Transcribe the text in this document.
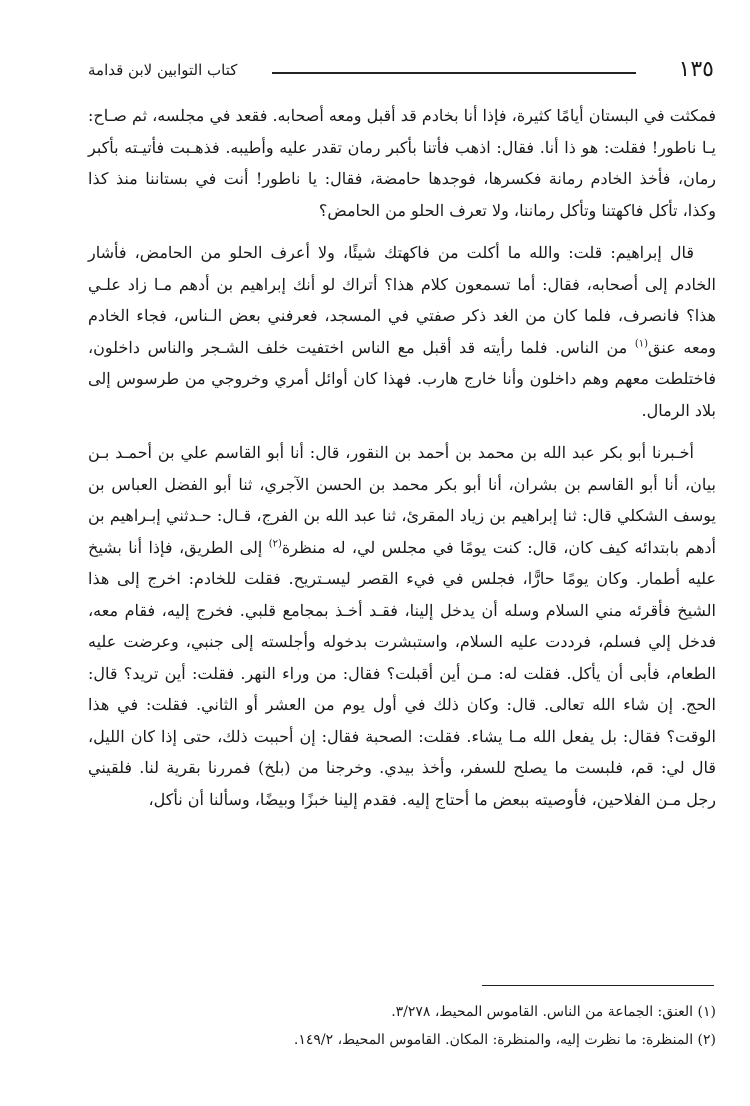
١٣٥
كتاب التوابين لابن قدامة

فمكثت في البستان أيامًا كثيرة، فإذا أنا بخادم قد أقبل ومعه أصحابه. فقعد في مجلسه، ثم صـاح: يـا ناطور! فقلت: هو ذا أنا. فقال: اذهب فأتنا بأكبر رمان تقدر عليه وأطيبه. فذهـبت فأتيـته بأكبر رمان، فأخذ الخادم رمانة فكسرها، فوجدها حامضة، فقال: يا ناطور! أنت في بستاننا منذ كذا وكذا، تأكل فاكهتنا وتأكل رماننا، ولا تعرف الحلو من الحامض؟

قال إبراهيم: قلت: والله ما أكلت من فاكهتك شيئًا، ولا أعرف الحلو من الحامض، فأشار الخادم إلى أصحابه، فقال: أما تسمعون كلام هذا؟ أتراك لو أنك إبراهيم بن أدهم مـا زاد علـي هذا؟ فانصرف، فلما كان من الغد ذكر صفتي في المسجد، فعرفني بعض الـناس، فجاء الخادم ومعه عنق$^{(١)}$ من الناس. فلما رأيته قد أقبل مع الناس اختفيت خلف الشـجر والناس داخلون، فاختلطت معهم وهم داخلون وأنا خارج هارب. فهذا كان أوائل أمري وخروجي من طرسوس إلى بلاد الرمال.

أخـبرنا أبو بكر عبد الله بن محمد بن أحمد بن النقور، قال: أنا أبو القاسم علي بن أحمـد بـن بيان، أنا أبو القاسم بن بشران، أنا أبو بكر محمد بن الحسن الآجري، ثنا أبو الفضل العباس بن يوسف الشكلي قال: ثنا إبراهيم بن زياد المقرئ، ثنا عبد الله بن الفرج، قـال: حـدثني إبـراهيم بن أدهم بابتدائه كيف كان، قال: كنت يومًا في مجلس لي، له منظرة$^{(٢)}$ إلى الطريق، فإذا أنا بشيخ عليه أطمار. وكان يومًا حارًّا، فجلس في فيء القصر ليسـتريح. فقلت للخادم: اخرج إلى هذا الشيخ فأقرئه مني السلام وسله أن يدخل إلينا، فقـد أخـذ بمجامع قلبي. فخرج إليه، فقام معه، فدخل إلي فسلم، فرددت عليه السلام، واستبشرت بدخوله وأجلسته إلى جنبي، وعرضت عليه الطعام، فأبى أن يأكل. فقلت له: مـن أين أقبلت؟ فقال: من وراء النهر. فقلت: أين تريد؟ قال: الحج. إن شاء الله تعالى. قال: وكان ذلك في أول يوم من العشر أو الثاني. فقلت: في هذا الوقت؟ فقال: بل يفعل الله مـا يشاء. فقلت: الصحبة فقال: إن أحببت ذلك، حتى إذا كان الليل، قال لي: قم، فلبست ما يصلح للسفر، وأخذ بيدي. وخرجنا من (بلخ) فمررنا بقرية لنا. فلقيني رجل مـن الفلاحين، فأوصيته ببعض ما أحتاج إليه. فقدم إلينا خبزًا وبيضًا، وسألنا أن نأكل،

(١) العنق: الجماعة من الناس. القاموس المحيط، ٣/٢٧٨.
(٢) المنظرة: ما نظرت إليه، والمنظرة: المكان. القاموس المحيط، ١٤٩/٢.
